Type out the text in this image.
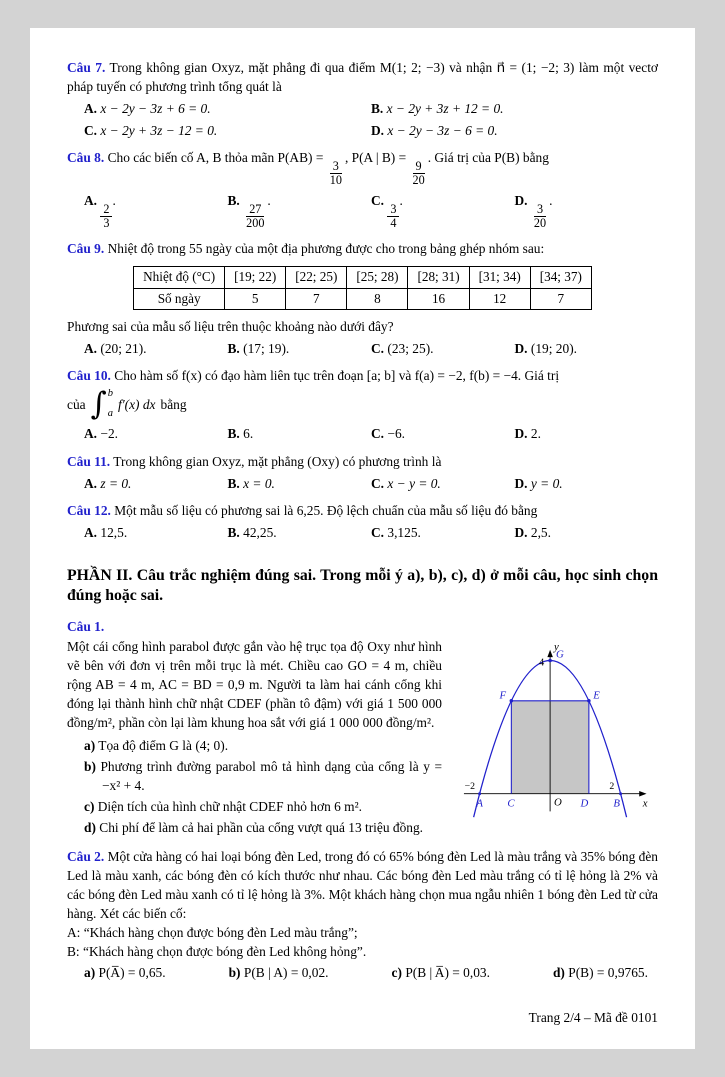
Câu 7. Trong không gian Oxyz, mặt phẳng đi qua điểm M(1; 2; −3) và nhận n⃗ = (1; −2; 3) làm một vectơ pháp tuyến có phương trình tổng quát là
A. x − 2y − 3z + 6 = 0.	B. x − 2y + 3z + 12 = 0.
C. x − 2y + 3z − 12 = 0.	D. x − 2y − 3z − 6 = 0.
Câu 8. Cho các biến cố A, B thỏa mãn P(AB) =
$\frac{3}{10}$
, P(A | B) =
$\frac{9}{20}$
. Giá trị của P(B) bằng
A.
$\frac{2}{3}$
.	B.
$\frac{27}{200}$
.	C.
$\frac{3}{4}$
.	D.
$\frac{3}{20}$
.
Câu 9. Nhiệt độ trong 55 ngày của một địa phương được cho trong bảng ghép nhóm sau:
Nhiệt độ (°C)	[19; 22)	[22; 25)	[25; 28)	[28; 31)	[31; 34)	[34; 37)
Số ngày	5	7	8	16	12	7
Phương sai của mẫu số liệu trên thuộc khoảng nào dưới đây?
A. (20; 21).	B. (17; 19).	C. (23; 25).	D. (19; 20).
Câu 10. Cho hàm số f(x) có đạo hàm liên tục trên đoạn [a; b] và f(a) = −2, f(b) = −4. Giá trị
của ∫ b
a
f′(x) dx bằng
A. −2.	B. 6.	C. −6.	D. 2.
Câu 11. Trong không gian Oxyz, mặt phẳng (Oxy) có phương trình là
A. z = 0.	B. x = 0.	C. x − y = 0.	D. y = 0.
Câu 12. Một mẫu số liệu có phương sai là 6,25. Độ lệch chuẩn của mẫu số liệu đó bằng
A. 12,5.	B. 42,25.	C. 3,125.	D. 2,5.
PHẦN II. Câu trắc nghiệm đúng sai. Trong mỗi ý a), b), c), d) ở mỗi câu, học sinh chọn đúng hoặc sai.
Câu 1.
y
4
G
F	E
−2	2
A C	O D B x
Một cái cổng hình parabol được gắn vào hệ trục tọa độ Oxy như hình vẽ bên với đơn vị trên mỗi trục là mét. Chiều cao GO = 4 m, chiều rộng AB = 4 m, AC = BD = 0,9 m. Người ta làm hai cánh cổng khi đóng lại thành hình chữ nhật CDEF (phần tô đậm) với giá 1 500 000 đồng/m², phần còn lại làm khung hoa sắt với giá 1 000 000 đồng/m².
a) Tọa độ điểm G là (4; 0).
b) Phương trình đường parabol mô tả hình dạng của cổng là y = −x² + 4.
c) Diện tích của hình chữ nhật CDEF nhỏ hơn 6 m².
d) Chi phí để làm cả hai phần của cổng vượt quá 13 triệu đồng.
Câu 2. Một cửa hàng có hai loại bóng đèn Led, trong đó có 65% bóng đèn Led là màu trắng và 35% bóng đèn Led là màu xanh, các bóng đèn có kích thước như nhau. Các bóng đèn Led màu trắng có tỉ lệ hỏng là 2% và các bóng đèn Led màu xanh có tỉ lệ hỏng là 3%. Một khách hàng chọn mua ngẫu nhiên 1 bóng đèn Led từ cửa hàng. Xét các biến cố:
A: “Khách hàng chọn được bóng đèn Led màu trắng”;
B: “Khách hàng chọn được bóng đèn Led không hỏng”.
a) P(A̅) = 0,65.	b) P(B | A) = 0,02.	c) P(B | A̅) = 0,03.	d) P(B) = 0,9765.
Trang 2/4 – Mã đề 0101
